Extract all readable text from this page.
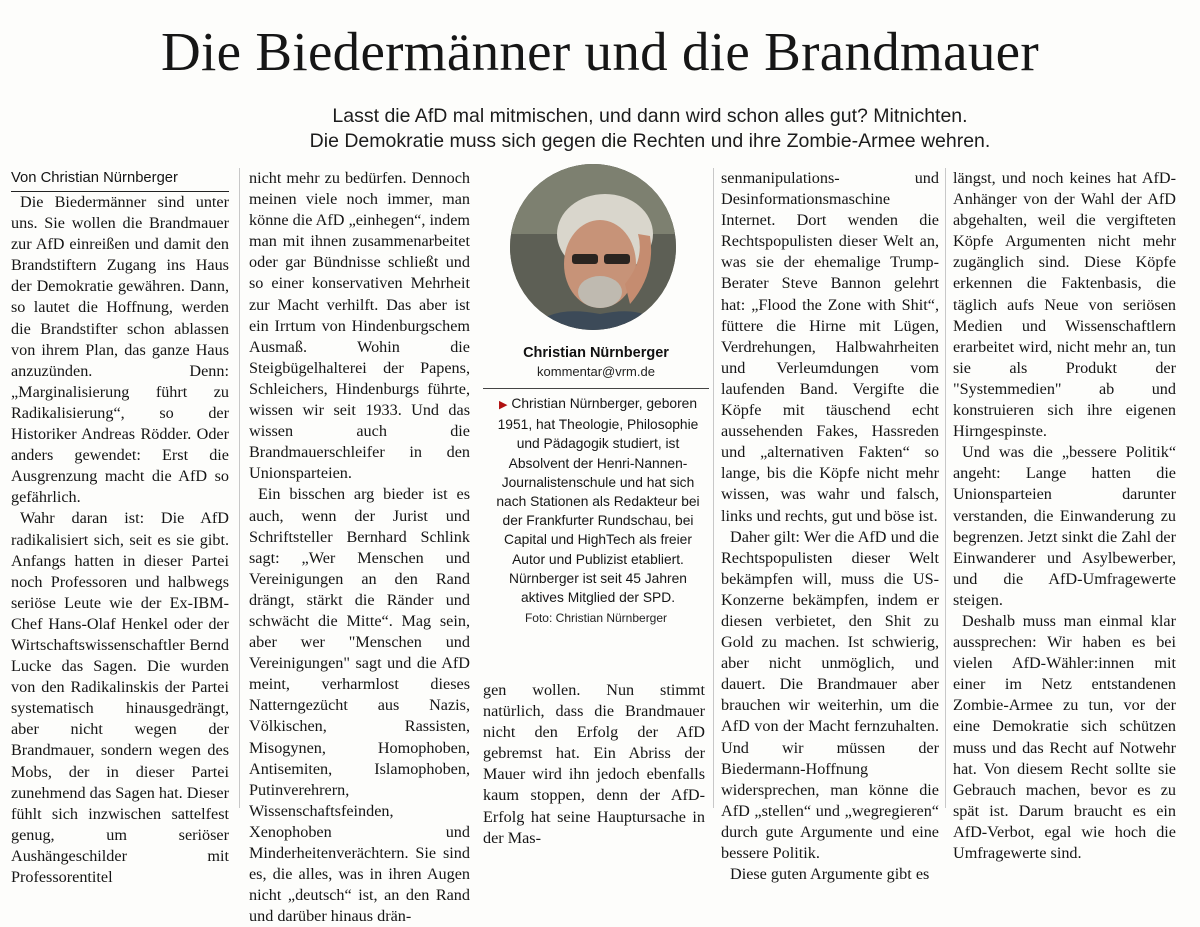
Die Biedermänner und die Brandmauer
Lasst die AfD mal mitmischen, und dann wird schon alles gut? Mitnichten.
Die Demokratie muss sich gegen die Rechten und ihre Zombie-Armee wehren.

Von Christian Nürnberger

Die Biedermänner sind unter uns. Sie wollen die Brandmauer zur AfD einreißen und damit den Brandstiftern Zugang ins Haus der Demokratie gewähren. Dann, so lautet die Hoffnung, werden die Brandstifter schon ablassen von ihrem Plan, das ganze Haus anzuzünden. Denn: „Marginalisierung führt zu Radikalisierung“, so der Historiker Andreas Rödder. Oder anders gewendet: Erst die Ausgrenzung macht die AfD so gefährlich.

Wahr daran ist: Die AfD radikalisiert sich, seit es sie gibt. Anfangs hatten in dieser Partei noch Professoren und halbwegs seriöse Leute wie der Ex-IBM-Chef Hans-Olaf Henkel oder der Wirtschaftswissenschaftler Bernd Lucke das Sagen. Die wurden von den Radikalinskis der Partei systematisch hinausgedrängt, aber nicht wegen der Brandmauer, sondern wegen des Mobs, der in dieser Partei zunehmend das Sagen hat. Dieser fühlt sich inzwischen sattelfest genug, um seriöser Aushängeschilder mit Professorentitel

nicht mehr zu bedürfen. Dennoch meinen viele noch immer, man könne die AfD „einhegen“, indem man mit ihnen zusammenarbeitet oder gar Bündnisse schließt und so einer konservativen Mehrheit zur Macht verhilft. Das aber ist ein Irrtum von Hindenburgschem Ausmaß. Wohin die Steigbügelhalterei der Papens, Schleichers, Hindenburgs führte, wissen wir seit 1933. Und das wissen auch die Brandmauerschleifer in den Unionsparteien.

Ein bisschen arg bieder ist es auch, wenn der Jurist und Schriftsteller Bernhard Schlink sagt: „Wer Menschen und Vereinigungen an den Rand drängt, stärkt die Ränder und schwächt die Mitte“. Mag sein, aber wer "Menschen und Vereinigungen" sagt und die AfD meint, verharmlost dieses Natterngezücht aus Nazis, Völkischen, Rassisten, Misogynen, Homophoben, Antisemiten, Islamophoben, Putinverehrern, Wissenschaftsfeinden, Xenophoben und Minderheitenverächtern. Sie sind es, die alles, was in ihren Augen nicht „deutsch“ ist, an den Rand und darüber hinaus drän-

Christian Nürnberger
kommentar@vrm.de
▶ Christian Nürnberger, geboren 1951, hat Theologie, Philosophie und Pädagogik studiert, ist Absolvent der Henri-Nannen-Journalistenschule und hat sich nach Stationen als Redakteur bei der Frankfurter Rundschau, bei Capital und HighTech als freier Autor und Publizist etabliert. Nürnberger ist seit 45 Jahren aktives Mitglied der SPD.
Foto: Christian Nürnberger

gen wollen. Nun stimmt natürlich, dass die Brandmauer nicht den Erfolg der AfD gebremst hat. Ein Abriss der Mauer wird ihn jedoch ebenfalls kaum stoppen, denn der AfD-Erfolg hat seine Hauptursache in der Mas-

senmanipulations- und Desinformationsmaschine Internet. Dort wenden die Rechtspopulisten dieser Welt an, was sie der ehemalige Trump-Berater Steve Bannon gelehrt hat: „Flood the Zone with Shit“, füttere die Hirne mit Lügen, Verdrehungen, Halbwahrheiten und Verleumdungen vom laufenden Band. Vergifte die Köpfe mit täuschend echt aussehenden Fakes, Hassreden und „alternativen Fakten“ so lange, bis die Köpfe nicht mehr wissen, was wahr und falsch, links und rechts, gut und böse ist.

Daher gilt: Wer die AfD und die Rechtspopulisten dieser Welt bekämpfen will, muss die US-Konzerne bekämpfen, indem er diesen verbietet, den Shit zu Gold zu machen. Ist schwierig, aber nicht unmöglich, und dauert. Die Brandmauer aber brauchen wir weiterhin, um die AfD von der Macht fernzuhalten. Und wir müssen der Biedermann-Hoffnung widersprechen, man könne die AfD „stellen“ und „wegregieren“ durch gute Argumente und eine bessere Politik.

Diese guten Argumente gibt es

längst, und noch keines hat AfD-Anhänger von der Wahl der AfD abgehalten, weil die vergifteten Köpfe Argumenten nicht mehr zugänglich sind. Diese Köpfe erkennen die Faktenbasis, die täglich aufs Neue von seriösen Medien und Wissenschaftlern erarbeitet wird, nicht mehr an, tun sie als Produkt der "Systemmedien" ab und konstruieren sich ihre eigenen Hirngespinste.

Und was die „bessere Politik“ angeht: Lange hatten die Unionsparteien darunter verstanden, die Einwanderung zu begrenzen. Jetzt sinkt die Zahl der Einwanderer und Asylbewerber, und die AfD-Umfragewerte steigen.

Deshalb muss man einmal klar aussprechen: Wir haben es bei vielen AfD-Wähler:innen mit einer im Netz entstandenen Zombie-Armee zu tun, vor der eine Demokratie sich schützen muss und das Recht auf Notwehr hat. Von diesem Recht sollte sie Gebrauch machen, bevor es zu spät ist. Darum braucht es ein AfD-Verbot, egal wie hoch die Umfragewerte sind.
